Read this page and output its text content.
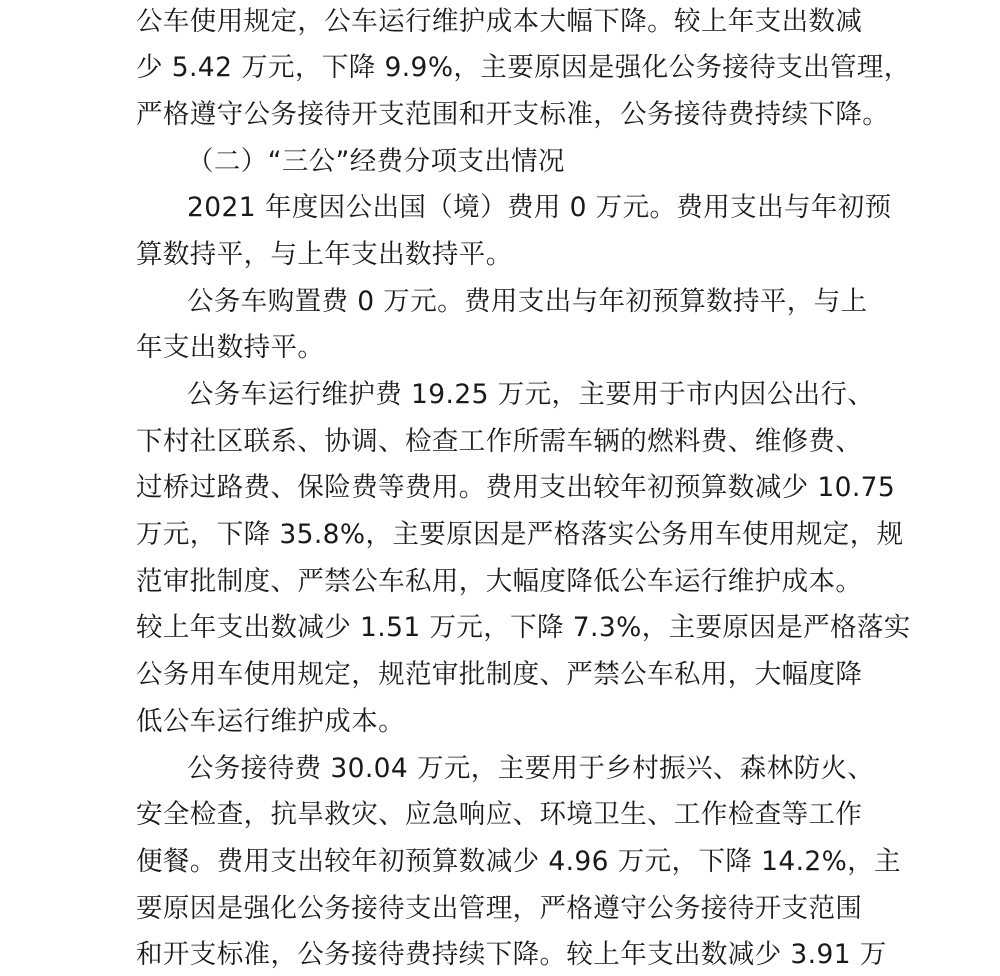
公车使用规定，公车运行维护成本大幅下降。较上年支出数减
少 5.42 万元，下降 9.9%，主要原因是强化公务接待支出管理，
严格遵守公务接待开支范围和开支标准，公务接待费持续下降。
（二）“三公”经费分项支出情况
2021 年度因公出国（境）费用 0 万元。费用支出与年初预
算数持平，与上年支出数持平。
公务车购置费 0 万元。费用支出与年初预算数持平，与上
年支出数持平。
公务车运行维护费 19.25 万元，主要用于市内因公出行、
下村社区联系、协调、检查工作所需车辆的燃料费、维修费、
过桥过路费、保险费等费用。费用支出较年初预算数减少 10.75
万元，下降 35.8%，主要原因是严格落实公务用车使用规定，规
范审批制度、严禁公车私用，大幅度降低公车运行维护成本。
较上年支出数减少 1.51 万元，下降 7.3%，主要原因是严格落实
公务用车使用规定，规范审批制度、严禁公车私用，大幅度降
低公车运行维护成本。
公务接待费 30.04 万元，主要用于乡村振兴、森林防火、
安全检查，抗旱救灾、应急响应、环境卫生、工作检查等工作
便餐。费用支出较年初预算数减少 4.96 万元，下降 14.2%，主
要原因是强化公务接待支出管理，严格遵守公务接待开支范围
和开支标准，公务接待费持续下降。较上年支出数减少 3.91 万
